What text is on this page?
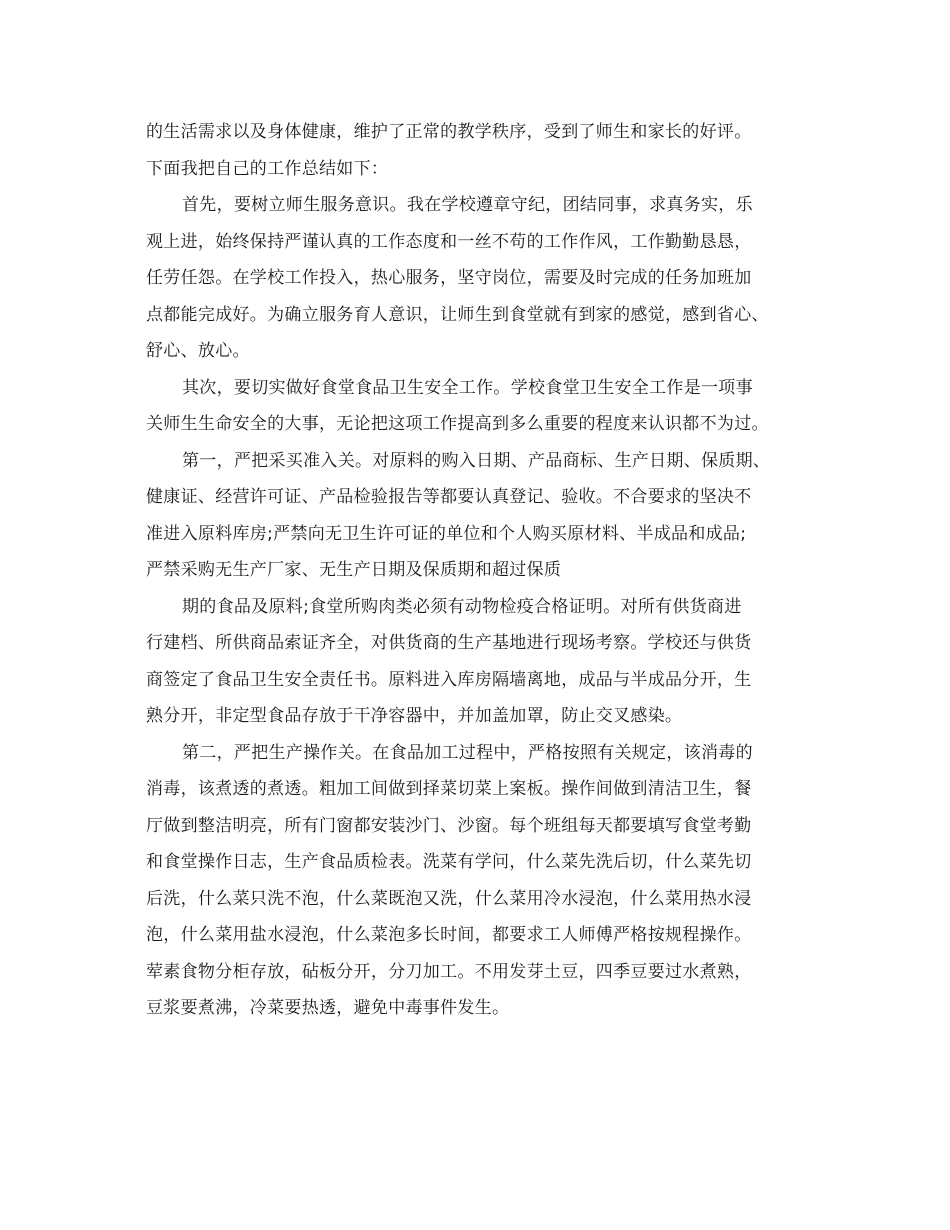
的生活需求以及身体健康，维护了正常的教学秩序，受到了师生和家长的好评。
下面我把自己的工作总结如下：
首先，要树立师生服务意识。我在学校遵章守纪，团结同事，求真务实，乐
观上进，始终保持严谨认真的工作态度和一丝不苟的工作作风，工作勤勤恳恳，
任劳任怨。在学校工作投入，热心服务，坚守岗位，需要及时完成的任务加班加
点都能完成好。为确立服务育人意识，让师生到食堂就有到家的感觉，感到省心、
舒心、放心。
其次，要切实做好食堂食品卫生安全工作。学校食堂卫生安全工作是一项事
关师生生命安全的大事，无论把这项工作提高到多么重要的程度来认识都不为过。
第一，严把采买准入关。对原料的购入日期、产品商标、生产日期、保质期、
健康证、经营许可证、产品检验报告等都要认真登记、验收。不合要求的坚决不
准进入原料库房;严禁向无卫生许可证的单位和个人购买原材料、半成品和成品;
严禁采购无生产厂家、无生产日期及保质期和超过保质
期的食品及原料;食堂所购肉类必须有动物检疫合格证明。对所有供货商进
行建档、所供商品索证齐全，对供货商的生产基地进行现场考察。学校还与供货
商签定了食品卫生安全责任书。原料进入库房隔墙离地，成品与半成品分开，生
熟分开，非定型食品存放于干净容器中，并加盖加罩，防止交叉感染。
第二，严把生产操作关。在食品加工过程中，严格按照有关规定，该消毒的
消毒，该煮透的煮透。粗加工间做到择菜切菜上案板。操作间做到清洁卫生，餐
厅做到整洁明亮，所有门窗都安装沙门、沙窗。每个班组每天都要填写食堂考勤
和食堂操作日志，生产食品质检表。洗菜有学问，什么菜先洗后切，什么菜先切
后洗，什么菜只洗不泡，什么菜既泡又洗，什么菜用冷水浸泡，什么菜用热水浸
泡，什么菜用盐水浸泡，什么菜泡多长时间，都要求工人师傅严格按规程操作。
荤素食物分柜存放，砧板分开，分刀加工。不用发芽土豆，四季豆要过水煮熟，
豆浆要煮沸，冷菜要热透，避免中毒事件发生。
